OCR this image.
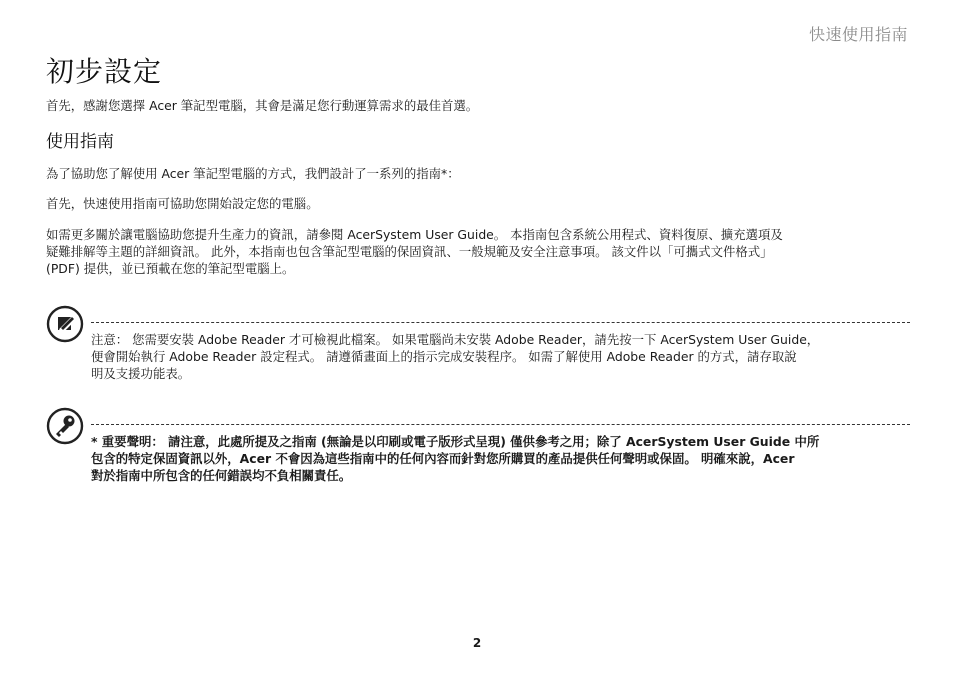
快速使用指南
初步設定

首先，感謝您選擇 Acer 筆記型電腦，其會是滿足您行動運算需求的最佳首選。

使用指南

為了協助您了解使用 Acer 筆記型電腦的方式，我們設計了一系列的指南*：

首先，快速使用指南可協助您開始設定您的電腦。

如需更多關於讓電腦協助您提升生產力的資訊，請參閱 AcerSystem User Guide。 本指南包含系統公用程式、資料復原、擴充選項及
疑難排解等主題的詳細資訊。 此外，本指南也包含筆記型電腦的保固資訊、一般規範及安全注意事項。 該文件以「可攜式文件格式」
(PDF) 提供，並已預載在您的筆記型電腦上。
注意： 您需要安裝 Adobe Reader 才可檢視此檔案。 如果電腦尚未安裝 Adobe Reader，請先按一下 AcerSystem User Guide，
便會開始執行 Adobe Reader 設定程式。 請遵循畫面上的指示完成安裝程序。 如需了解使用 Adobe Reader 的方式，請存取說
明及支援功能表。
* 重要聲明： 請注意，此處所提及之指南 (無論是以印刷或電子版形式呈現) 僅供參考之用；除了 AcerSystem User Guide 中所
包含的特定保固資訊以外，Acer 不會因為這些指南中的任何內容而針對您所購買的產品提供任何聲明或保固。 明確來說，Acer
對於指南中所包含的任何錯誤均不負相關責任。
2
